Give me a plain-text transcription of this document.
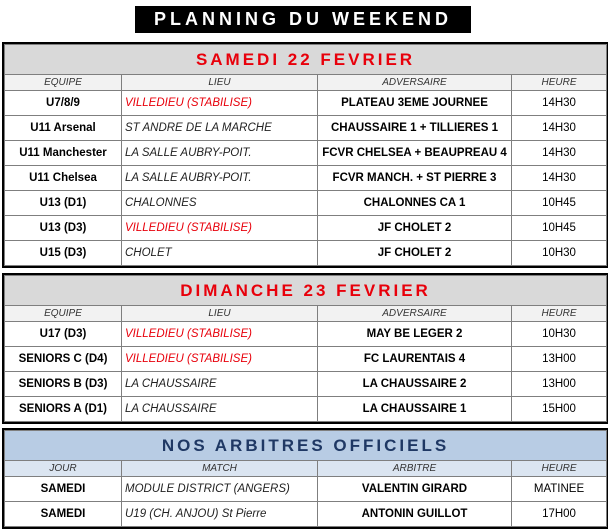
PLANNING DU WEEKEND
SAMEDI 22 FEVRIER			
EQUIPE	LIEU	ADVERSAIRE	HEURE
U7/8/9	VILLEDIEU (STABILISE)	PLATEAU 3EME JOURNEE	14H30
U11 Arsenal	ST ANDRE DE LA MARCHE	CHAUSSAIRE 1 + TILLIERES 1	14H30
U11 Manchester	LA SALLE AUBRY-POIT.	FCVR CHELSEA + BEAUPREAU 4	14H30
U11 Chelsea	LA SALLE AUBRY-POIT.	FCVR MANCH. + ST PIERRE 3	14H30
U13 (D1)	CHALONNES	CHALONNES CA 1	10H45
U13 (D3)	VILLEDIEU (STABILISE)	JF CHOLET 2	10H45
U15 (D3)	CHOLET	JF CHOLET 2	10H30
DIMANCHE 23 FEVRIER			
EQUIPE	LIEU	ADVERSAIRE	HEURE
U17 (D3)	VILLEDIEU (STABILISE)	MAY BE LEGER 2	10H30
SENIORS C (D4)	VILLEDIEU (STABILISE)	FC LAURENTAIS 4	13H00
SENIORS B (D3)	LA CHAUSSAIRE	LA CHAUSSAIRE 2	13H00
SENIORS A (D1)	LA CHAUSSAIRE	LA CHAUSSAIRE 1	15H00
NOS ARBITRES OFFICIELS			
JOUR	MATCH	ARBITRE	HEURE
SAMEDI	MODULE DISTRICT (ANGERS)	VALENTIN GIRARD	MATINEE
SAMEDI	U19 (CH. ANJOU) St Pierre	ANTONIN GUILLOT	17H00
